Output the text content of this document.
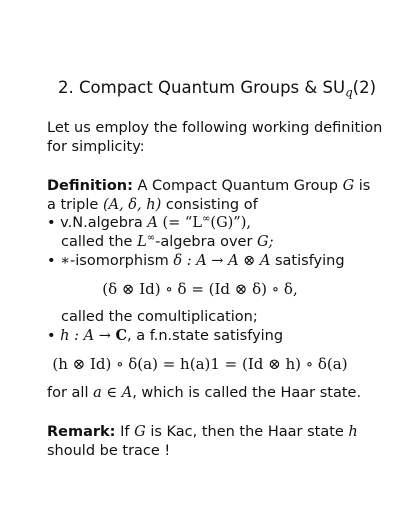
2. Compact Quantum Groups & $SU_q(2)$
Let us employ the following working definition
for simplicity:
Definition: A Compact Quantum Group G is
a triple (A, δ, h) consisting of
• v.N.algebra A (= “L∞(G)”),
called the L∞-algebra over G;
• ∗-isomorphism δ : A → A ⊗ A satisfying
(δ ⊗ Id) ∘ δ = (Id ⊗ δ) ∘ δ,
called the comultiplication;
• h : A → C, a f.n.state satisfying
(h ⊗ Id) ∘ δ(a) = h(a)1 = (Id ⊗ h) ∘ δ(a)
for all a ∈ A, which is called the Haar state.
Remark: If G is Kac, then the Haar state h
should be trace !
